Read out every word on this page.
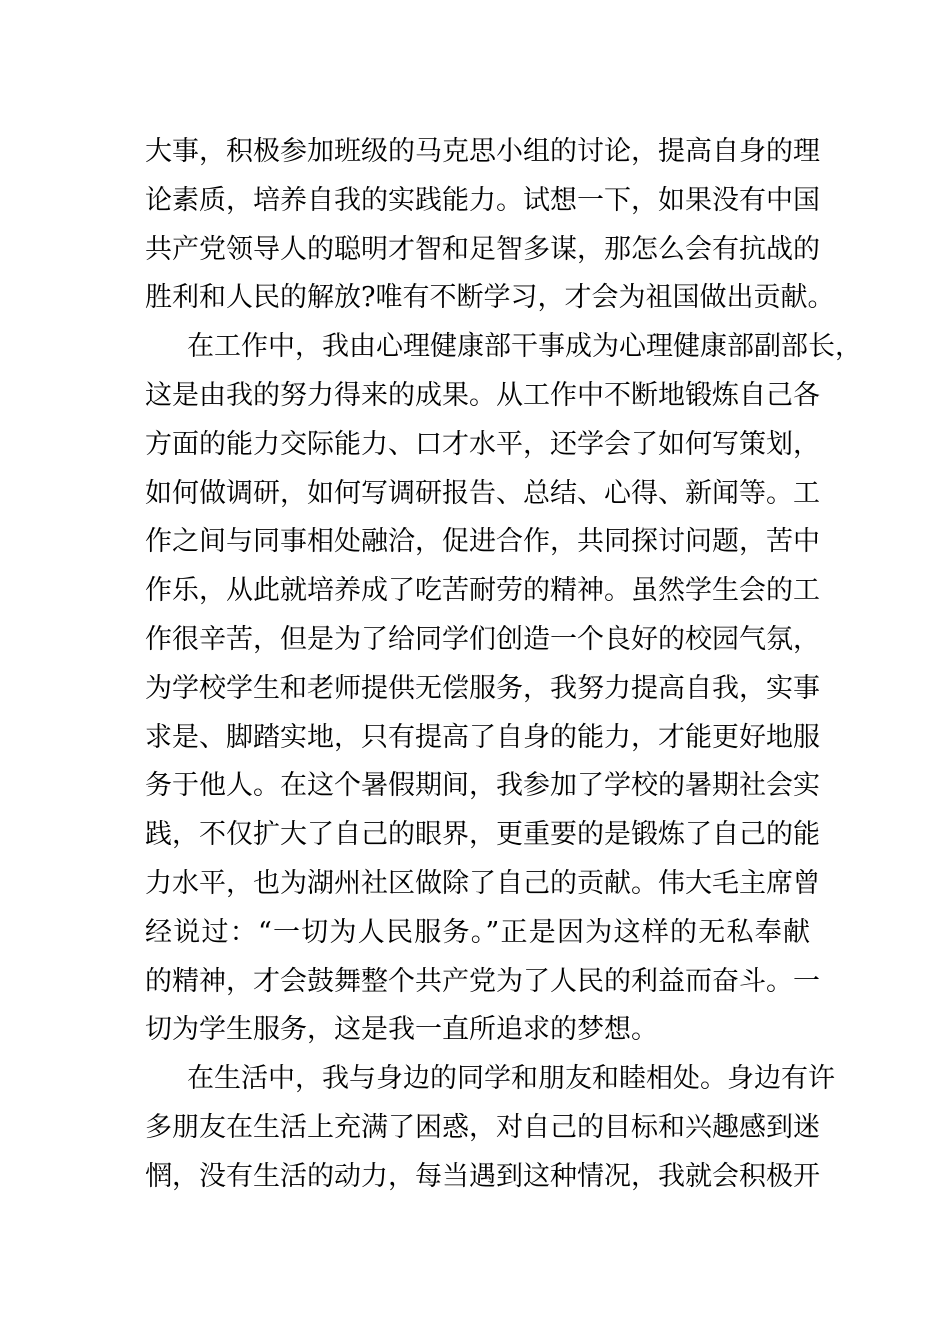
大事，积极参加班级的马克思小组的讨论，提高自身的理
论素质，培养自我的实践能力。试想一下，如果没有中国
共产党领导人的聪明才智和足智多谋，那怎么会有抗战的
胜利和人民的解放?唯有不断学习，才会为祖国做出贡献。
在工作中，我由心理健康部干事成为心理健康部副部长，
这是由我的努力得来的成果。从工作中不断地锻炼自己各
方面的能力交际能力、口才水平，还学会了如何写策划，
如何做调研，如何写调研报告、总结、心得、新闻等。工
作之间与同事相处融洽，促进合作，共同探讨问题，苦中
作乐，从此就培养成了吃苦耐劳的精神。虽然学生会的工
作很辛苦，但是为了给同学们创造一个良好的校园气氛，
为学校学生和老师提供无偿服务，我努力提高自我，实事
求是、脚踏实地，只有提高了自身的能力，才能更好地服
务于他人。在这个暑假期间，我参加了学校的暑期社会实
践，不仅扩大了自己的眼界，更重要的是锻炼了自己的能
力水平，也为湖州社区做除了自己的贡献。伟大毛主席曾
经说过：“一切为人民服务。”正是因为这样的无私奉献
的精神，才会鼓舞整个共产党为了人民的利益而奋斗。一
切为学生服务，这是我一直所追求的梦想。
在生活中，我与身边的同学和朋友和睦相处。身边有许
多朋友在生活上充满了困惑，对自己的目标和兴趣感到迷
惘，没有生活的动力，每当遇到这种情况，我就会积极开
